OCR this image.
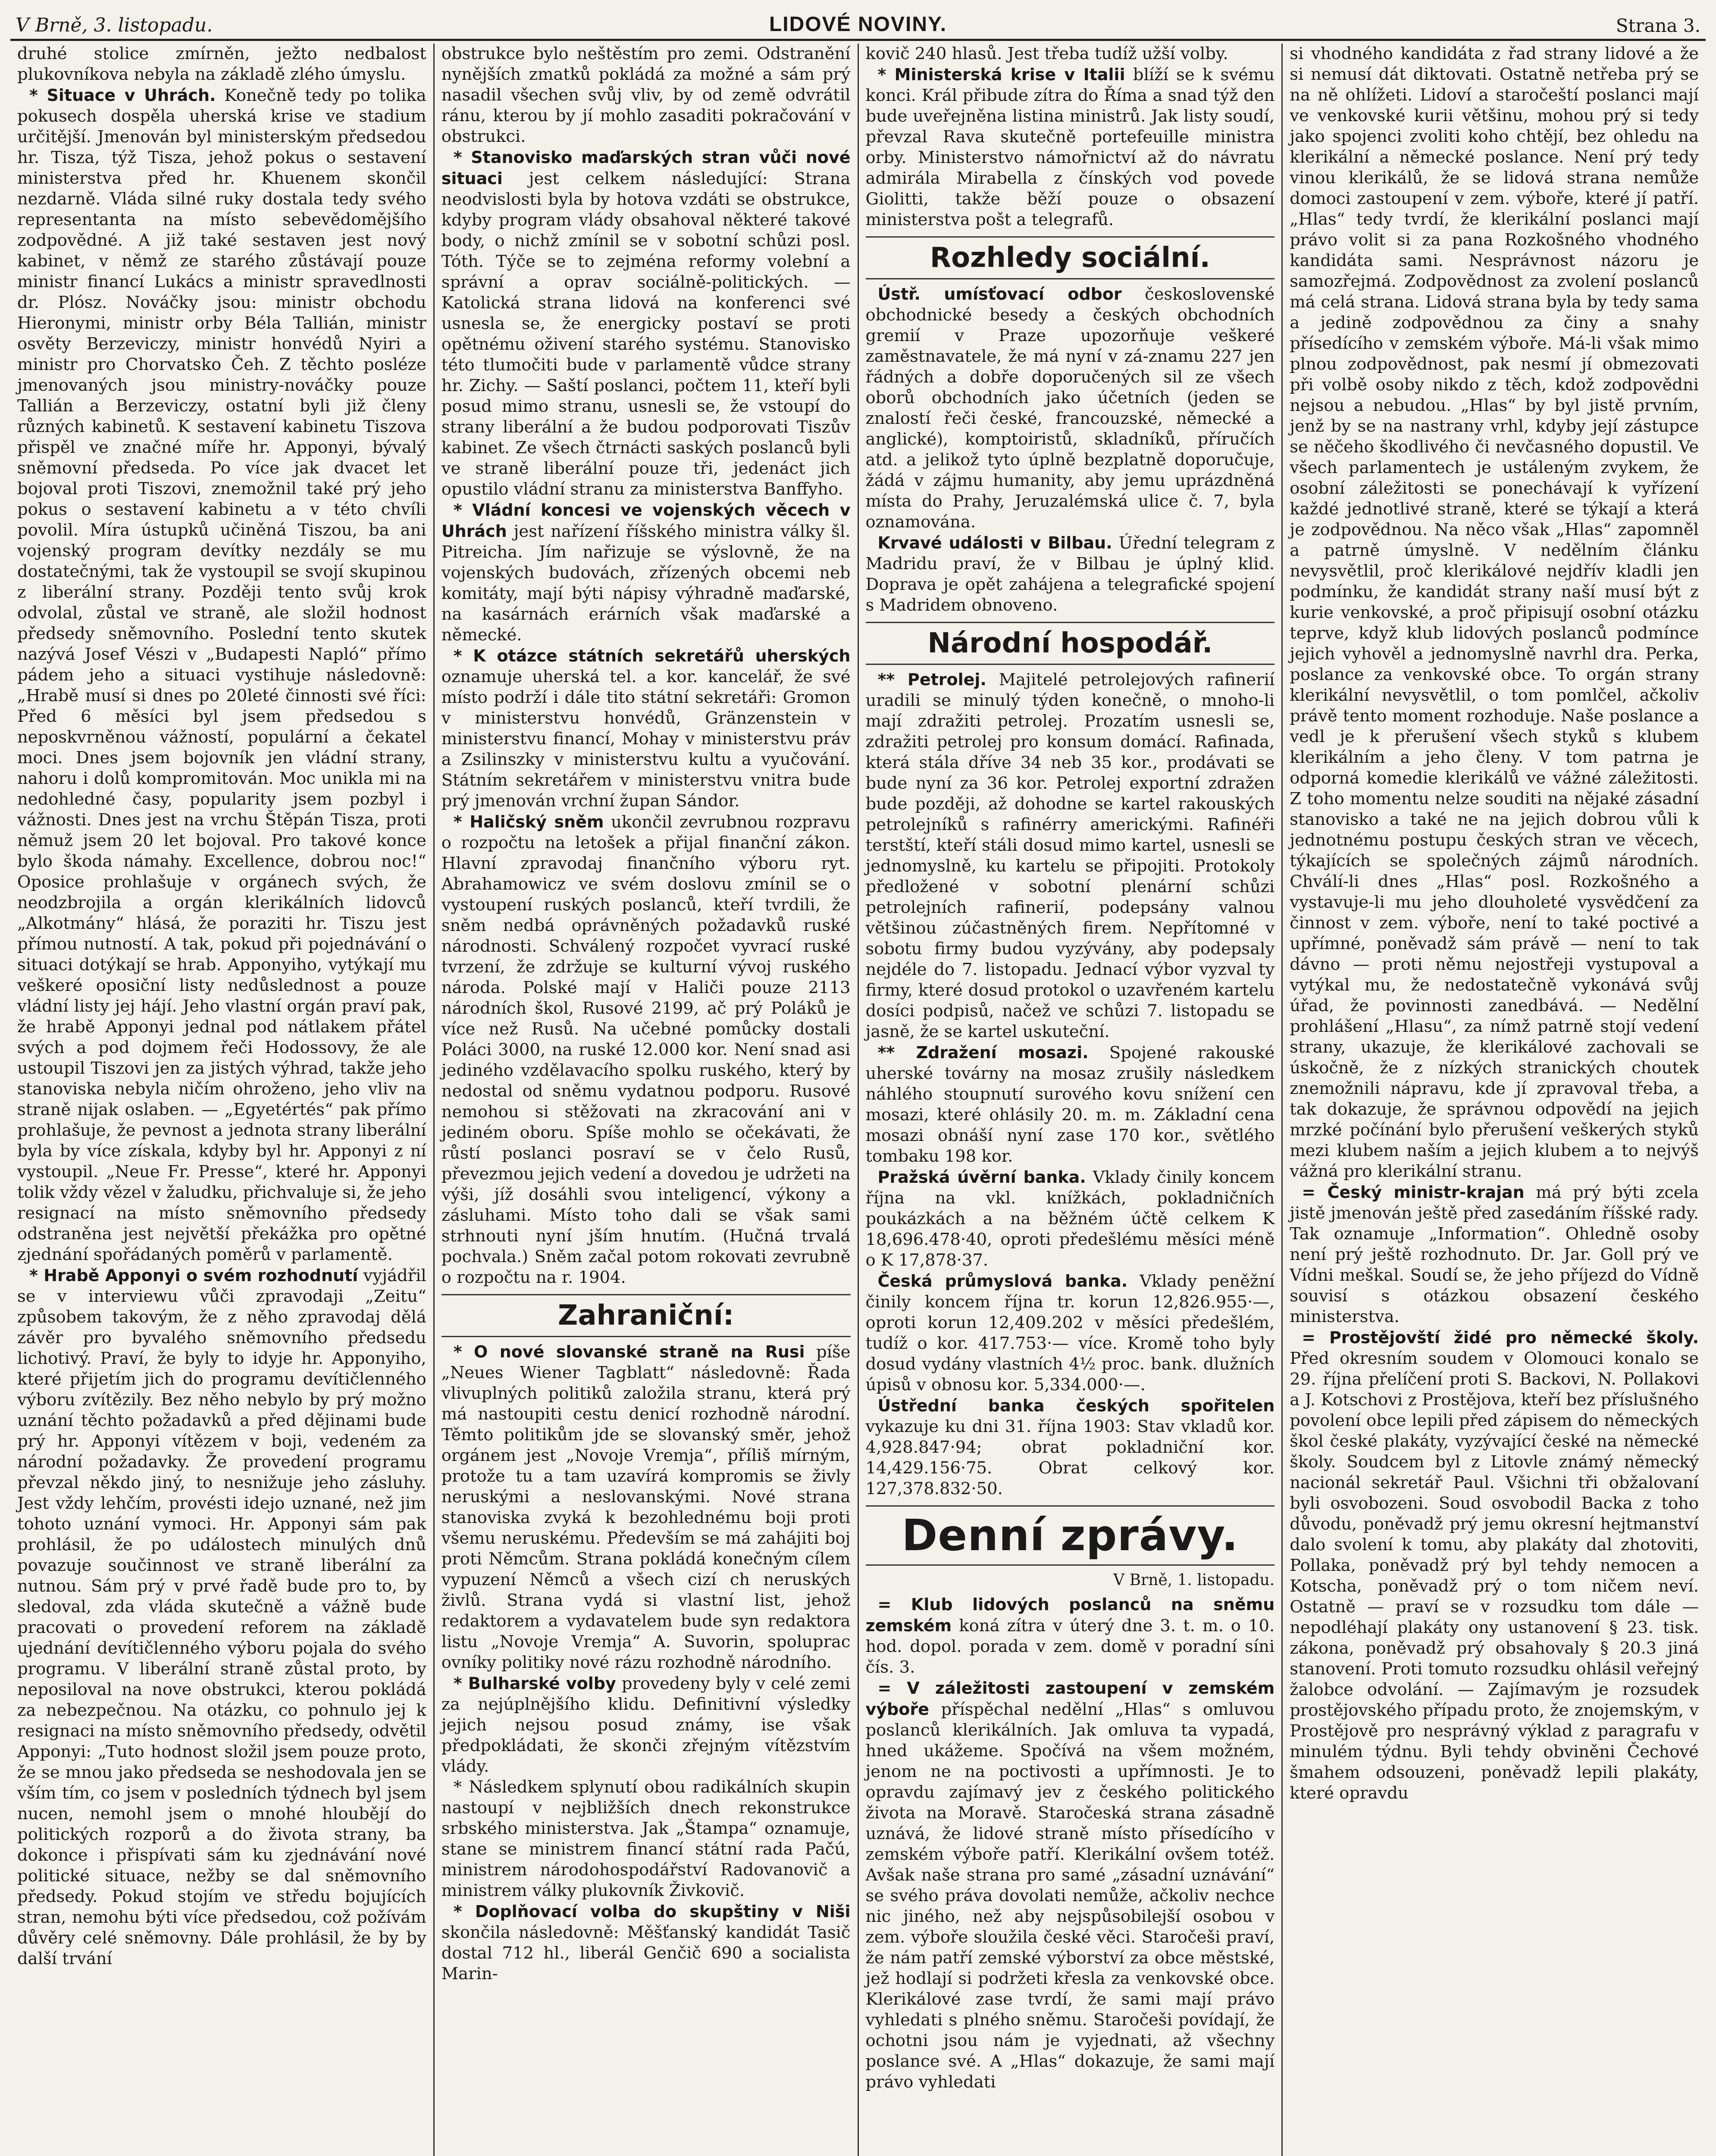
V Brně, 3. listopadu.	LIDOVÉ NOVINY.	Strana 3.

druhé stolice zmírněn, ježto nedbalost plukovníkova nebyla na základě zlého úmyslu.

* Situace v Uhrách. Konečně tedy po tolika pokusech dospěla uherská krise ve stadium určitější. Jmenován byl ministerským předsedou hr. Tisza, týž Tisza, jehož pokus o sestavení ministerstva před hr. Khuenem skončil nezdarně. Vláda silné ruky dostala tedy svého representanta na místo sebevědomějšího zodpovědné. A již také sestaven jest nový kabinet, v němž ze starého zůstávají pouze ministr financí Lukács a ministr spravedlnosti dr. Plósz. Nováčky jsou: ministr obchodu Hieronymi, ministr orby Béla Tallián, ministr osvěty Berzeviczy, ministr honvédů Nyiri a ministr pro Chorvatsko Čeh. Z těchto posléze jmenovaných jsou ministry-nováčky pouze Tallián a Berzeviczy, ostatní byli již členy různých kabinetů. K sestavení kabinetu Tiszova přispěl ve značné míře hr. Apponyi, bývalý sněmovní předseda. Po více jak dvacet let bojoval proti Tiszovi, znemožnil také prý jeho pokus o sestavení kabinetu a v této chvíli povolil. Míra ústupků učiněná Tiszou, ba ani vojenský program devítky nezdály se mu dostatečnými, tak že vystoupil se svojí skupinou z liberální strany. Později tento svůj krok odvolal, zůstal ve straně, ale složil hodnost předsedy sněmovního. Poslední tento skutek nazývá Josef Vészi v „Budapesti Napló“ přímo pádem jeho a situaci vystihuje následovně: „Hrabě musí si dnes po 20leté činnosti své říci: Před 6 měsíci byl jsem předsedou s neposkvrněnou vážností, populární a čekatel moci. Dnes jsem bojovník jen vládní strany, nahoru i dolů kompromitován. Moc unikla mi na nedohledné časy, popularity jsem pozbyl i vážnosti. Dnes jest na vrchu Štěpán Tisza, proti němuž jsem 20 let bojoval. Pro takové konce bylo škoda námahy. Excellence, dobrou noc!“ Oposice prohlašuje v orgánech svých, že neodzbrojila a orgán klerikálních lidovců „Alkotmány“ hlásá, že poraziti hr. Tiszu jest přímou nutností. A tak, pokud při pojednávání o situaci dotýkají se hrab. Apponyiho, vytýkají mu veškeré oposiční listy nedůslednost a pouze vládní listy jej hájí. Jeho vlastní orgán praví pak, že hrabě Apponyi jednal pod nátlakem přátel svých a pod dojmem řeči Hodossovy, že ale ustoupil Tiszovi jen za jistých výhrad, takže jeho stanoviska nebyla ničím ohroženo, jeho vliv na straně nijak oslaben. — „Egyetértés“ pak přímo prohlašuje, že pevnost a jednota strany liberální byla by více získala, kdyby byl hr. Apponyi z ní vystoupil. „Neue Fr. Presse“, které hr. Apponyi tolik vždy vězel v žaludku, přichvaluje si, že jeho resignací na místo sněmovního předsedy odstraněna jest největší překážka pro opětné zjednání spořádaných poměrů v parlamentě.

* Hrabě Apponyi o svém rozhodnutí vyjádřil se v interviewu vůči zpravodaji „Zeitu“ způsobem takovým, že z něho zpravodaj dělá závěr pro byvalého sněmovního předsedu lichotivý. Praví, že byly to idyje hr. Apponyiho, které přijetím jich do programu devítičlenného výboru zvítězily. Bez něho nebylo by prý možno uznání těchto požadavků a před dějinami bude prý hr. Apponyi vítězem v boji, vedeném za národní požadavky. Že provedení programu převzal někdo jiný, to nesnižuje jeho zásluhy. Jest vždy lehčím, provésti idejo uznané, než jim tohoto uznání vymoci. Hr. Apponyi sám pak prohlásil, že po událostech minulých dnů povazuje součinnost ve straně liberální za nutnou. Sám prý v prvé řadě bude pro to, by sledoval, zda vláda skutečně a vážně bude pracovati o provedení reforem na základě ujednání devítičlenného výboru pojala do svého programu. V liberální straně zůstal proto, by neposiloval na nove obstrukci, kterou pokládá za nebezpečnou. Na otázku, co pohnulo jej k resignaci na místo sněmovního předsedy, odvětil Apponyi: „Tuto hodnost složil jsem pouze proto, že se mnou jako předseda se neshodovala jen se vším tím, co jsem v posledních týdnech byl jsem nucen, nemohl jsem o mnohé hloubějí do politických rozporů a do života strany, ba dokonce i přispívati sám ku zjednávání nové politické situace, nežby se dal sněmovního předsedy. Pokud stojím ve středu bojujících stran, nemohu býti více předsedou, což požívám důvěry celé sněmovny. Dále prohlásil, že by by další trvání

obstrukce bylo neštěstím pro zemi. Odstranění nynějších zmatků pokládá za možné a sám prý nasadil všechen svůj vliv, by od země odvrátil ránu, kterou by jí mohlo zasaditi pokračování v obstrukci.

* Stanovisko maďarských stran vůči nové situaci jest celkem následující: Strana neodvislosti byla by hotova vzdáti se obstrukce, kdyby program vlády obsahoval některé takové body, o nichž zmínil se v sobotní schůzi posl. Tóth. Týče se to zejména reformy volební a správní a oprav sociálně-politických. — Katolická strana lidová na konferenci své usnesla se, že energicky postaví se proti opětnému oživení starého systému. Stanovisko této tlumočiti bude v parlamentě vůdce strany hr. Zichy. — Saští poslanci, počtem 11, kteří byli posud mimo stranu, usnesli se, že vstoupí do strany liberální a že budou podporovati Tiszův kabinet. Ze všech čtrnácti saských poslanců byli ve straně liberální pouze tři, jedenáct jich opustilo vládní stranu za ministerstva Banffyho.

* Vládní koncesi ve vojenských věcech v Uhrách jest nařízení říšského ministra války šl. Pitreicha. Jím nařizuje se výslovně, že na vojenských budovách, zřízených obcemi neb komitáty, mají býti nápisy výhradně maďarské, na kasárnách erárních však maďarské a německé.

* K otázce státních sekretářů uherských oznamuje uherská tel. a kor. kancelář, že své místo podrží i dále tito státní sekretáři: Gromon v ministerstvu honvédů, Gränzenstein v ministerstvu financí, Mohay v ministerstvu práv a Zsilinszky v ministerstvu kultu a vyučování. Státním sekretářem v ministerstvu vnitra bude prý jmenován vrchní župan Sándor.

* Haličský sněm ukončil zevrubnou rozpravu o rozpočtu na letošek a přijal finanční zákon. Hlavní zpravodaj finančního výboru ryt. Abrahamowicz ve svém doslovu zmínil se o vystoupení ruských poslanců, kteří tvrdili, že sněm nedbá oprávněných požadavků ruské národnosti. Schválený rozpočet vyvrací ruské tvrzení, že zdržuje se kulturní vývoj ruského národa. Polské mají v Haliči pouze 2113 národních škol, Rusové 2199, ač prý Poláků je více než Rusů. Na učebné pomůcky dostali Poláci 3000, na ruské 12.000 kor. Není snad asi jediného vzdělavacího spolku ruského, který by nedostal od sněmu vydatnou podporu. Rusové nemohou si stěžovati na zkracování ani v jediném oboru. Spíše mohlo se očekávati, že růstí poslanci posraví se v čelo Rusů, převezmou jejich vedení a dovedou je udržeti na výši, jíž dosáhli svou inteligencí, výkony a zásluhami. Místo toho dali se však sami strhnouti nyní jším hnutím. (Hučná trvalá pochvala.) Sněm začal potom rokovati zevrubně o rozpočtu na r. 1904.

Zahraniční:

* O nové slovanské straně na Rusi píše „Neues Wiener Tagblatt“ následovně: Řada vlivuplných politiků založila stranu, která prý má nastoupiti cestu denicí rozhodně národní. Těmto politikům jde se slovanský směr, jehož orgánem jest „Novoje Vremja“, příliš mírným, protože tu a tam uzavírá kompromis se živly neruskými a neslovanskými. Nové strana stanoviska zvyká k bezohlednému boji proti všemu neruskému. Především se má zahájiti boj proti Němcům. Strana pokládá konečným cílem vypuzení Němců a všech cizí ch neruských živlů. Strana vydá si vlastní list, jehož redaktorem a vydavatelem bude syn redaktora listu „Novoje Vremja“ A. Suvorin, spoluprac ovníky politiky nové rázu rozhodně národního.

* Bulharské volby provedeny byly v celé zemi za nejúplnějšího klidu. Definitivní výsledky jejich nejsou posud známy, ise však předpokládati, že skonči zřejným vítězstvím vlády.

* Následkem splynutí obou radikálních skupin nastoupí v nejbližších dnech rekonstrukce srbského ministerstva. Jak „Štampa“ oznamuje, stane se ministrem financí státní rada Pačú, ministrem národohospodářství Radovanovič a ministrem války plukovník Živkovič.

* Doplňovací volba do skupštiny v Niši skončila následovně: Měšťanský kandidát Tasič dostal 712 hl., liberál Genčič 690 a socialista Marin-

kovič 240 hlasů. Jest třeba tudíž užší volby.

* Ministerská krise v Italii blíží se k svému konci. Král přibude zítra do Říma a snad týž den bude uveřejněna listina ministrů. Jak listy soudí, převzal Rava skutečně portefeuille ministra orby. Ministerstvo námořnictví až do návratu admirála Mirabella z čínských vod povede Giolitti, takže běží pouze o obsazení ministerstva pošt a telegrafů.

Rozhledy sociální.

Ústř. umísťovací odbor československé obchodnické besedy a českých obchodních gremií v Praze upozorňuje veškeré zaměstnavatele, že má nyní v zá-znamu 227 jen řádných a dobře doporučených sil ze všech oborů obchodních jako účetních (jeden se znalostí řeči české, francouzské, německé a anglické), komptoiristů, skladníků, příručích atd. a jelikož tyto úplně bezplatně doporučuje, žádá v zájmu humanity, aby jemu uprázdněná místa do Prahy, Jeruzalémská ulice č. 7, byla oznamována.

Krvavé události v Bilbau. Úřední telegram z Madridu praví, že v Bilbau je úplný klid. Doprava je opět zahájena a telegrafické spojení s Madridem obnoveno.

Národní hospodář.

** Petrolej. Majitelé petrolejových rafinerií uradili se minulý týden konečně, o mnoho-li mají zdražiti petrolej. Prozatím usnesli se, zdražiti petrolej pro konsum domácí. Rafinada, která stála dříve 34 neb 35 kor., prodávati se bude nyní za 36 kor. Petrolej exportní zdražen bude později, až dohodne se kartel rakouských petrolejníků s rafinérry americkými. Rafinéři terstští, kteří stáli dosud mimo kartel, usnesli se jednomyslně, ku kartelu se připojiti. Protokoly předložené v sobotní plenární schůzi petrolejních rafinerií, podepsány valnou většinou zúčastněných firem. Nepřítomné v sobotu firmy budou vyzývány, aby podepsaly nejdéle do 7. listopadu. Jednací výbor vyzval ty firmy, které dosud protokol o uzavřeném kartelu dosíci podpisů, načež ve schůzi 7. listopadu se jasně, že se kartel uskuteční.

** Zdražení mosazi. Spojené rakouské uherské továrny na mosaz zrušily následkem náhlého stoupnutí surového kovu snížení cen mosazi, které ohlásily 20. m. m. Základní cena mosazi obnáší nyní zase 170 kor., světlého tombaku 198 kor.

Pražská úvěrní banka. Vklady činily koncem října na vkl. knížkách, pokladničních poukázkách a na běžném účtě celkem K 18,696.478·40, oproti předešlému měsíci méně o K 17,878·37.

Česká průmyslová banka. Vklady peněžní činily koncem října tr. korun 12,826.955·—, oproti korun 12,409.202 v měsíci předešlém, tudíž o kor. 417.753·— více. Kromě toho byly dosud vydány vlastních 4½ proc. bank. dlužních úpisů v obnosu kor. 5,334.000·—.

Ústřední banka českých spořitelen vykazuje ku dni 31. října 1903: Stav vkladů kor. 4,928.847·94; obrat pokladniční kor. 14,429.156·75. Obrat celkový kor. 127,378.832·50.

Denní zprávy.
V Brně, 1. listopadu.

= Klub lidových poslanců na sněmu zemském koná zítra v úterý dne 3. t. m. o 10. hod. dopol. porada v zem. domě v poradní síni čís. 3.

= V záležitosti zastoupení v zemském výboře příspěchal nedělní „Hlas“ s omluvou poslanců klerikálních. Jak omluva ta vypadá, hned ukážeme. Spočívá na všem možném, jenom ne na poctivosti a upřímnosti. Je to opravdu zajímavý jev z českého politického života na Moravě. Staročeská strana zásadně uznává, že lidové straně místo přísedícího v zemském výboře patří. Klerikální ovšem totéž. Avšak naše strana pro samé „zásadní uznávání“ se svého práva dovolati nemůže, ačkoliv nechce nic jiného, než aby nejspůsobilejší osobou v zem. výboře sloužila české věci. Staročeši praví, že nám patří zemské výborství za obce městské, jež hodlají si podržeti křesla za venkovské obce. Klerikálové zase tvrdí, že sami mají právo vyhledati s plného sněmu. Staročeši povídají, že ochotni jsou nám je vyjednati, až všechny poslance své. A „Hlas“ dokazuje, že sami mají právo vyhledati

si vhodného kandidáta z řad strany lidové a že si nemusí dát diktovati. Ostatně netřeba prý se na ně ohlížeti. Lidoví a staročeští poslanci mají ve venkovské kurii většinu, mohou prý si tedy jako spojenci zvoliti koho chtějí, bez ohledu na klerikální a německé poslance. Není prý tedy vinou klerikálů, že se lidová strana nemůže domoci zastoupení v zem. výboře, které jí patří. „Hlas“ tedy tvrdí, že klerikální poslanci mají právo volit si za pana Rozkošného vhodného kandidáta sami. Nesprávnost názoru je samozřejmá. Zodpovědnost za zvolení poslanců má celá strana. Lidová strana byla by tedy sama a jedině zodpovědnou za činy a snahy přísedícího v zemském výboře. Má-li však mimo plnou zodpovědnost, pak nesmí jí obmezovati při volbě osoby nikdo z těch, kdož zodpovědni nejsou a nebudou. „Hlas“ by byl jistě prvním, jenž by se na nastrany vrhl, kdyby její zástupce se něčeho škodlivého či nevčasného dopustil. Ve všech parlamentech je ustáleným zvykem, že osobní záležitosti se ponechávají k vyřízení každé jednotlivé straně, které se týkají a která je zodpovědnou. Na něco však „Hlas“ zapomněl a patrně úmyslně. V nedělním článku nevysvětlil, proč klerikálové nejdřív kladli jen podmínku, že kandidát strany naší musí být z kurie venkovské, a proč připisují osobní otázku teprve, když klub lidových poslanců podmínce jejich vyhověl a jednomyslně navrhl dra. Perka, poslance za venkovské obce. To orgán strany klerikální nevysvětlil, o tom pomlčel, ačkoliv právě tento moment rozhoduje. Naše poslance a vedl je k přerušení všech styků s klubem klerikálním a jeho členy. V tom patrna je odporná komedie klerikálů ve vážné záležitosti. Z toho momentu nelze souditi na nějaké zásadní stanovisko a také ne na jejich dobrou vůli k jednotnému postupu českých stran ve věcech, týkajících se společných zájmů národních. Chválí-li dnes „Hlas“ posl. Rozkošného a vystavuje-li mu jeho dlouholeté vysvědčení za činnost v zem. výboře, není to také poctivé a upřímné, poněvadž sám právě — není to tak dávno — proti němu nejostřeji vystupoval a vytýkal mu, že nedostatečně vykonává svůj úřad, že povinnosti zanedbává. — Nedělní prohlášení „Hlasu“, za nímž patrně stojí vedení strany, ukazuje, že klerikálové zachovali se úskočně, že z nízkých stranických choutek znemožnili nápravu, kde jí zpravoval třeba, a tak dokazuje, že správnou odpovědí na jejich mrzké počínání bylo přerušení veškerých styků mezi klubem naším a jejich klubem a to nejvýš vážná pro klerikální stranu.

= Český ministr-krajan má prý býti zcela jistě jmenován ještě před zasedáním říšské rady. Tak oznamuje „Information“. Ohledně osoby není prý ještě rozhodnuto. Dr. Jar. Goll prý ve Vídni meškal. Soudí se, že jeho příjezd do Vídně souvisí s otázkou obsazení českého ministerstva.

= Prostějovští židé pro německé školy. Před okresním soudem v Olomouci konalo se 29. října přelíčení proti S. Backovi, N. Pollakovi a J. Kotschovi z Prostějova, kteří bez příslušného povolení obce lepili před zápisem do německých škol české plakáty, vyzývající české na německé školy. Soudcem byl z Litovle známý německý nacionál sekretář Paul. Všichni tři obžalovaní byli osvobozeni. Soud osvobodil Backa z toho důvodu, poněvadž prý jemu okresní hejtmanství dalo svolení k tomu, aby plakáty dal zhotoviti, Pollaka, poněvadž prý byl tehdy nemocen a Kotscha, poněvadž prý o tom ničem neví. Ostatně — praví se v rozsudku tom dále — nepodléhají plakáty ony ustanovení § 23. tisk. zákona, poněvadž prý obsahovaly § 20.3 jiná stanovení. Proti tomuto rozsudku ohlásil veřejný žalobce odvolání. — Zajímavým je rozsudek prostějovského případu proto, že znojemským, v Prostějově pro nesprávný výklad z paragrafu v minulém týdnu. Byli tehdy obviněni Čechové šmahem odsouzeni, poněvadž lepili plakáty, které opravdu
